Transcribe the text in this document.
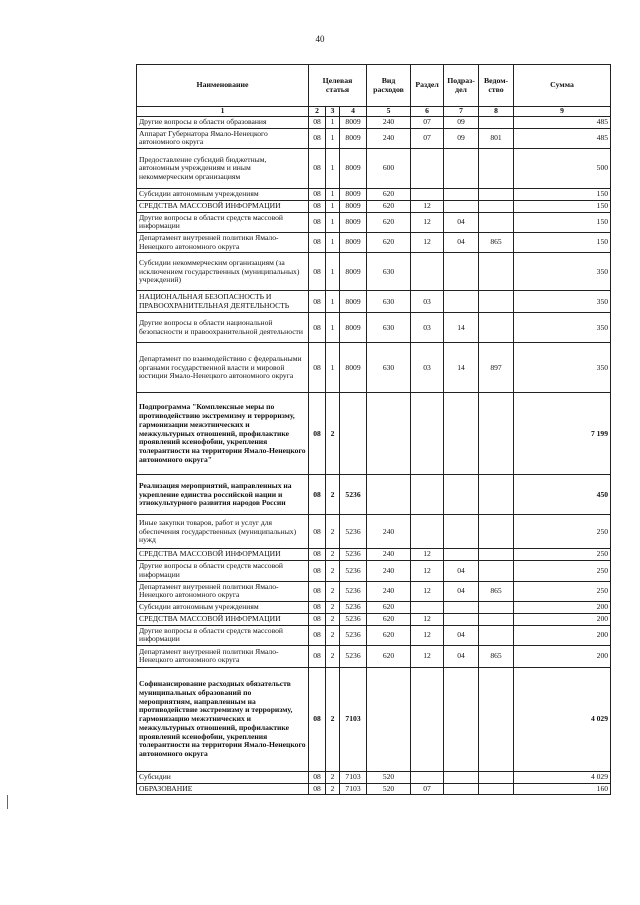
40
Наименование	Целевая статья			Вид расходов	Раздел	Подраз-дел	Ведом-ство	Сумма
1	2	3	4	5	6	7	8	9
Другие вопросы в области образования	08	1	8009	240	07	09		485
Аппарат Губернатора Ямало-Ненецкого автономного округа	08	1	8009	240	07	09	801	485
Предоставление субсидий бюджетным, автономным учреждениям и иным некоммерческим организациям	08	1	8009	600				500
Субсидии автономным учреждениям	08	1	8009	620				150
СРЕДСТВА МАССОВОЙ ИНФОРМАЦИИ	08	1	8009	620	12			150
Другие вопросы в области средств массовой информации	08	1	8009	620	12	04		150
Департамент внутренней политики Ямало-Ненецкого автономного округа	08	1	8009	620	12	04	865	150
Субсидии некоммерческим организациям (за исключением государственных (муниципальных) учреждений)	08	1	8009	630				350
НАЦИОНАЛЬНАЯ БЕЗОПАСНОСТЬ И ПРАВООХРАНИТЕЛЬНАЯ ДЕЯТЕЛЬНОСТЬ	08	1	8009	630	03			350
Другие вопросы в области национальной безопасности и правоохранительной деятельности	08	1	8009	630	03	14		350
Департамент по взаимодействию с федеральными органами государственной власти и мировой юстиции Ямало-Ненецкого автономного округа	08	1	8009	630	03	14	897	350
Подпрограмма "Комплексные меры по противодействию экстремизму и терроризму, гармонизации межэтнических и межкультурных отношений, профилактике проявлений ксенофобии, укрепления толерантности на территории Ямало-Ненецкого автономного округа"	08	2						7 199
Реализация мероприятий, направленных на укрепление единства российской нации и этнокультурного развития народов России	08	2	5236					450
Иные закупки товаров, работ и услуг для обеспечения государственных (муниципальных) нужд	08	2	5236	240				250
СРЕДСТВА МАССОВОЙ ИНФОРМАЦИИ	08	2	5236	240	12			250
Другие вопросы в области средств массовой информации	08	2	5236	240	12	04		250
Департамент внутренней политики Ямало-Ненецкого автономного округа	08	2	5236	240	12	04	865	250
Субсидии автономным учреждениям	08	2	5236	620				200
СРЕДСТВА МАССОВОЙ ИНФОРМАЦИИ	08	2	5236	620	12			200
Другие вопросы в области средств массовой информации	08	2	5236	620	12	04		200
Департамент внутренней политики Ямало-Ненецкого автономного округа	08	2	5236	620	12	04	865	200
Софинансирование расходных обязательств муниципальных образований по мероприятиям, направленным на противодействие экстремизму и терроризму, гармонизацию межэтнических и межкультурных отношений, профилактике проявлений ксенофобии, укрепления толерантности на территории Ямало-Ненецкого автономного округа	08	2	7103					4 029
Субсидии	08	2	7103	520				4 029
ОБРАЗОВАНИЕ	08	2	7103	520	07			160
